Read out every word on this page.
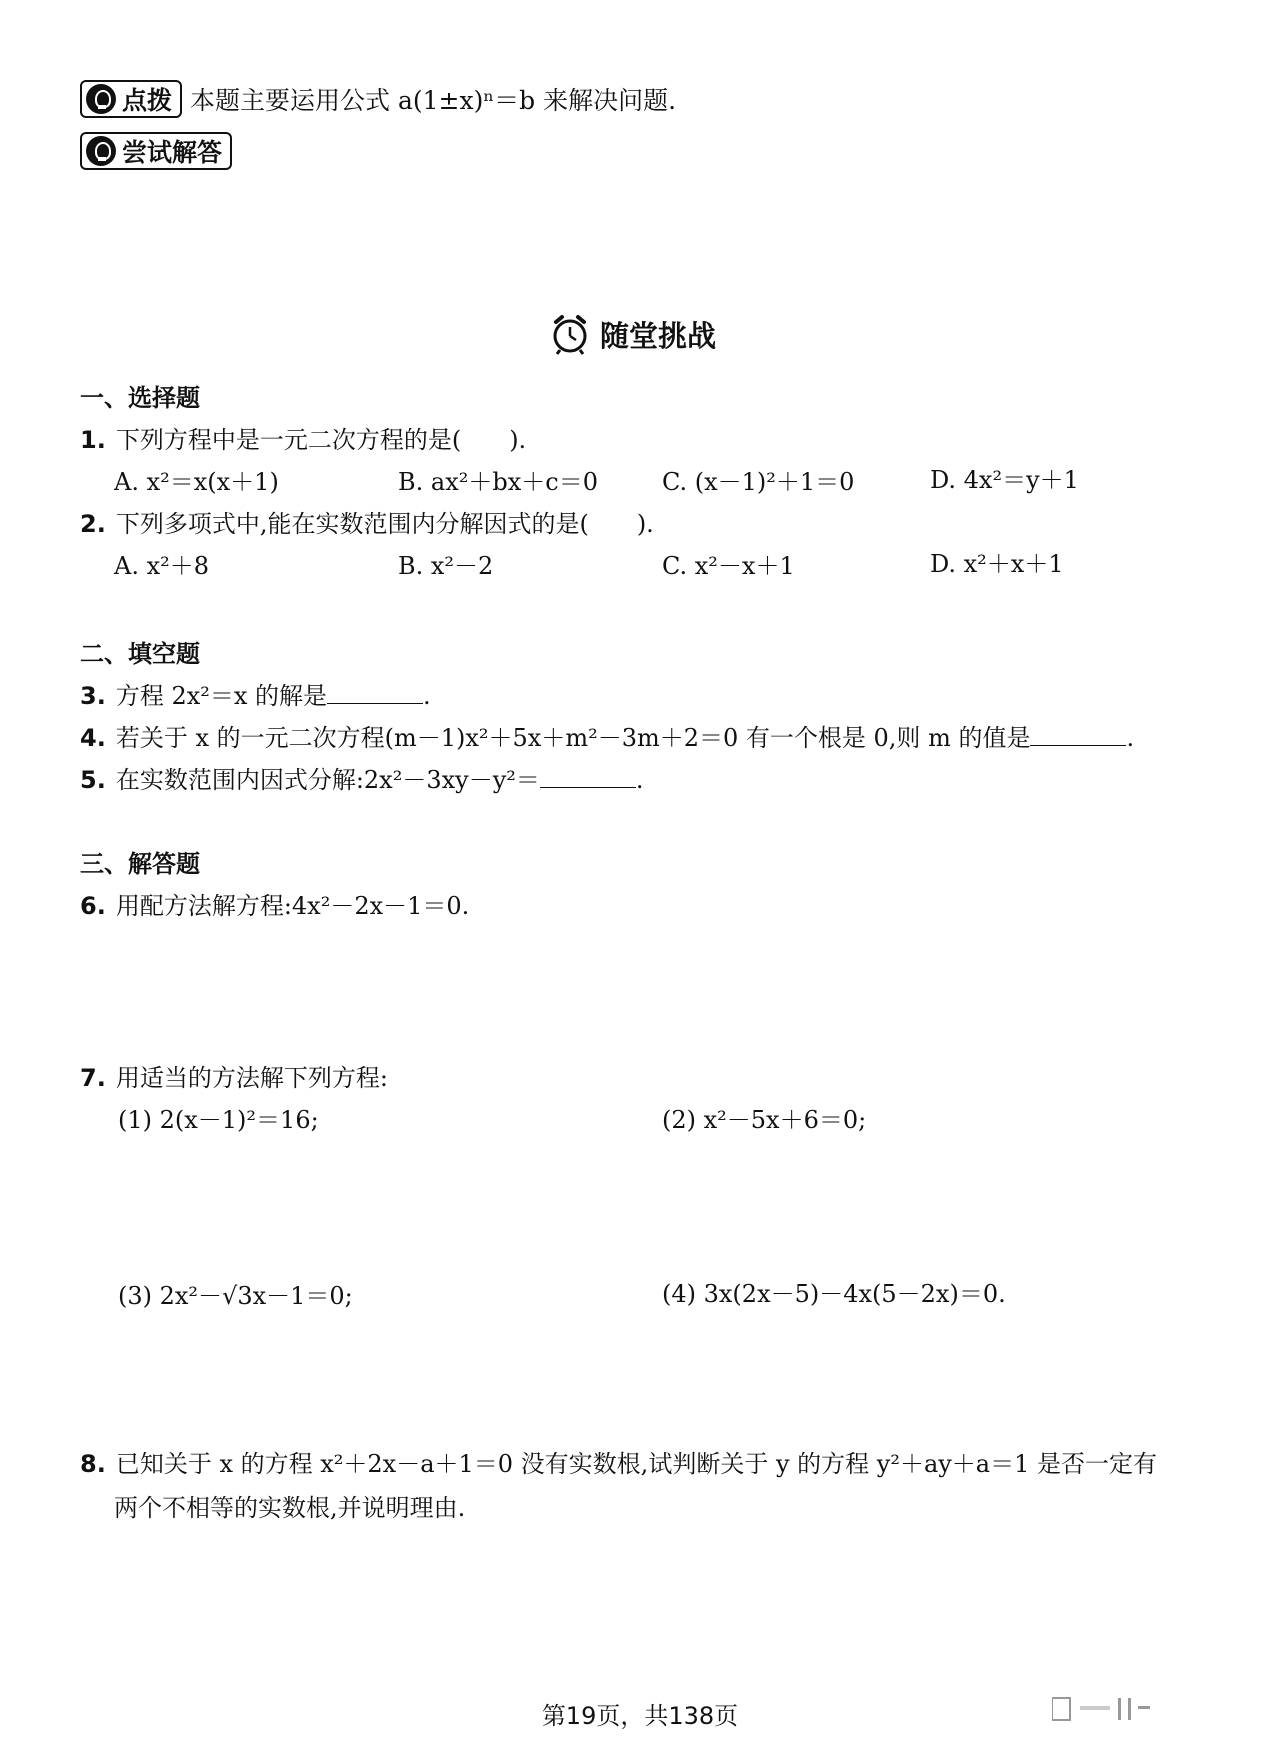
点拨 本题主要运用公式 a(1±x)ⁿ＝b 来解决问题.
尝试解答
随堂挑战
一、选择题
1. 下列方程中是一元二次方程的是(　　).
A. x²＝x(x＋1)	B. ax²＋bx＋c＝0	C. (x－1)²＋1＝0	D. 4x²＝y＋1
2. 下列多项式中,能在实数范围内分解因式的是(　　).
A. x²＋8	B. x²－2	C. x²－x＋1	D. x²＋x＋1
二、填空题
3. 方程 2x²＝x 的解是	.
4. 若关于 x 的一元二次方程(m－1)x²＋5x＋m²－3m＋2＝0 有一个根是 0,则 m 的值是	.
5. 在实数范围内因式分解:2x²－3xy－y²＝	.
三、解答题
6. 用配方法解方程:4x²－2x－1＝0.
7. 用适当的方法解下列方程:
(1) 2(x－1)²＝16;	(2) x²－5x＋6＝0;
(3) 2x²－√3x－1＝0;	(4) 3x(2x－5)－4x(5－2x)＝0.
8. 已知关于 x 的方程 x²＋2x－a＋1＝0 没有实数根,试判断关于 y 的方程 y²＋ay＋a＝1 是否一定有
两个不相等的实数根,并说明理由.
第19页，共138页
